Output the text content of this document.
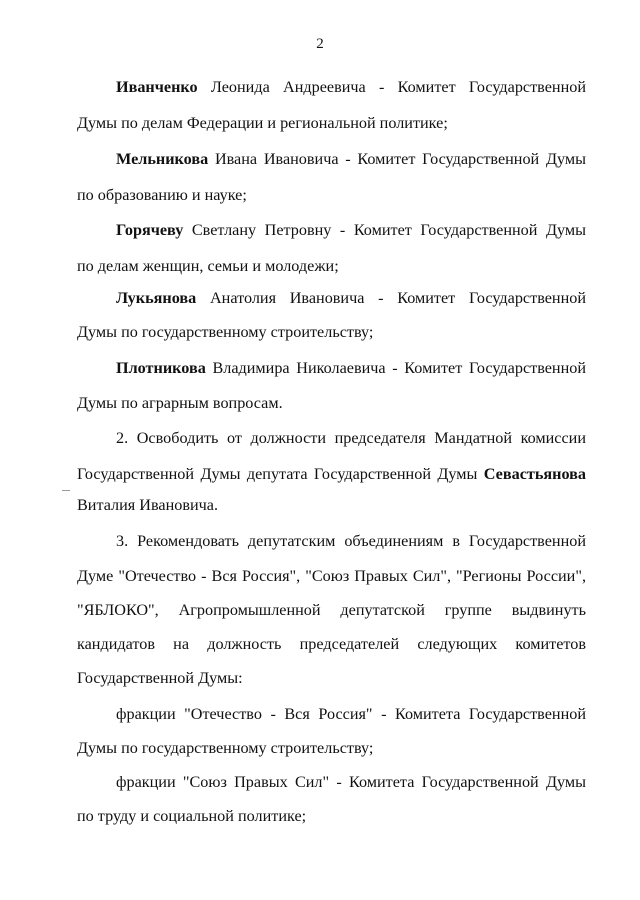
2
Иванченко Леонида Андреевича - Комитет Государственной
Думы по делам Федерации и региональной политике;
Мельникова Ивана Ивановича - Комитет Государственной Думы
по образованию и науке;
Горячеву Светлану Петровну - Комитет Государственной Думы
по делам женщин, семьи и молодежи;
Лукьянова Анатолия Ивановича - Комитет Государственной
Думы по государственному строительству;
Плотникова Владимира Николаевича - Комитет Государственной
Думы по аграрным вопросам.
2. Освободить от должности председателя Мандатной комиссии
Государственной Думы депутата Государственной Думы Севастьянова
Виталия Ивановича.
3. Рекомендовать депутатским объединениям в Государственной
Думе "Отечество - Вся Россия", "Союз Правых Сил", "Регионы России",
"ЯБЛОКО", Агропромышленной депутатской группе выдвинуть
кандидатов на должность председателей следующих комитетов
Государственной Думы:
фракции "Отечество - Вся Россия" - Комитета Государственной
Думы по государственному строительству;
фракции "Союз Правых Сил" - Комитета Государственной Думы
по труду и социальной политике;
